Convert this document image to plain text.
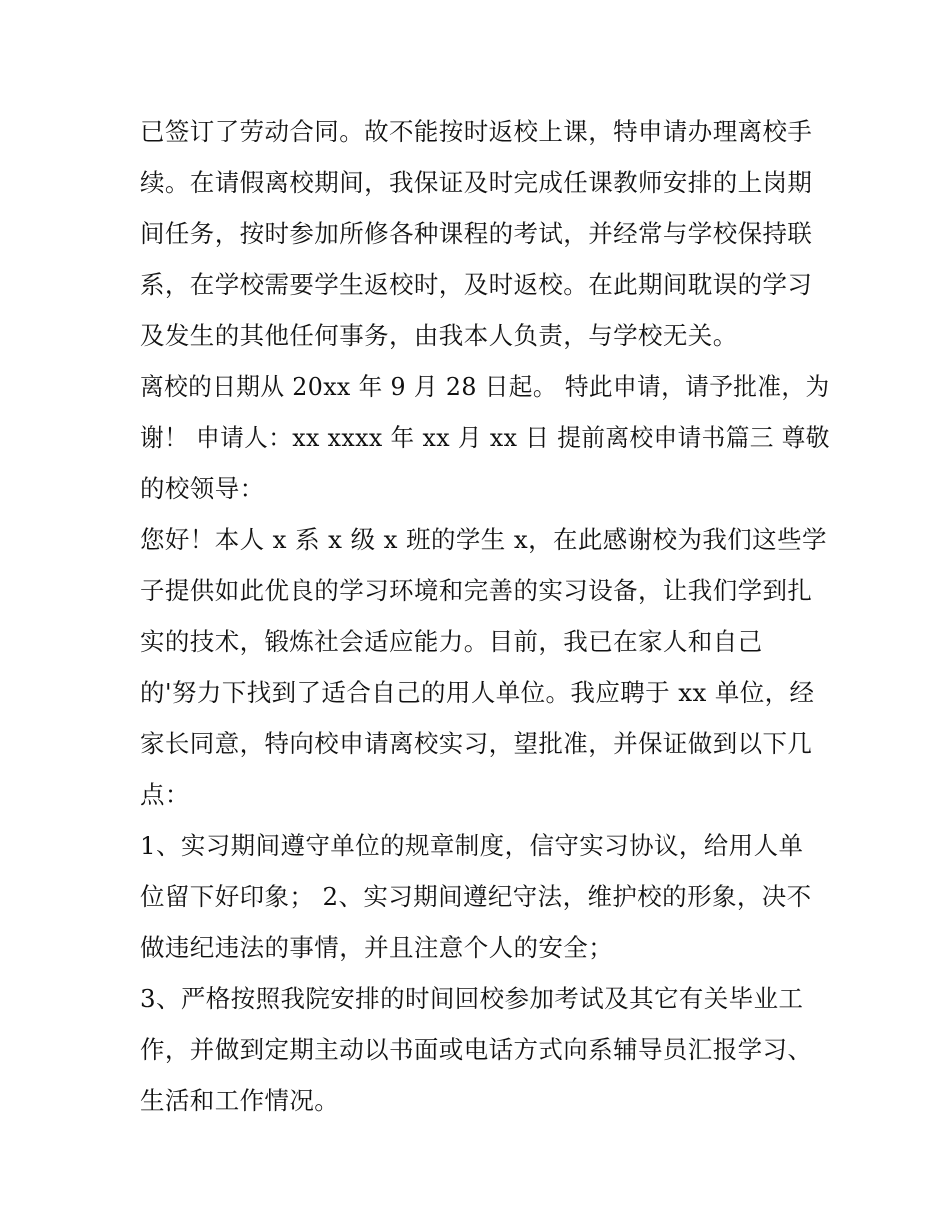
已签订了劳动合同。故不能按时返校上课，特申请办理离校手
续。在请假离校期间，我保证及时完成任课教师安排的上岗期
间任务，按时参加所修各种课程的考试，并经常与学校保持联
系，在学校需要学生返校时，及时返校。在此期间耽误的学习
及发生的其他任何事务，由我本人负责，与学校无关。
离校的日期从 20xx 年 9 月 28 日起。 特此申请，请予批准，为
谢！ 申请人：xx xxxx 年 xx 月 xx 日 提前离校申请书篇三 尊敬
的校领导：
您好！本人 x 系 x 级 x 班的学生 x，在此感谢校为我们这些学
子提供如此优良的学习环境和完善的实习设备，让我们学到扎
实的技术，锻炼社会适应能力。目前，我已在家人和自己
的'努力下找到了适合自己的用人单位。我应聘于 xx 单位，经
家长同意，特向校申请离校实习，望批准，并保证做到以下几
点：
1、实习期间遵守单位的规章制度，信守实习协议，给用人单
位留下好印象； 2、实习期间遵纪守法，维护校的形象，决不
做违纪违法的事情，并且注意个人的安全；
3、严格按照我院安排的时间回校参加考试及其它有关毕业工
作，并做到定期主动以书面或电话方式向系辅导员汇报学习、
生活和工作情况。
